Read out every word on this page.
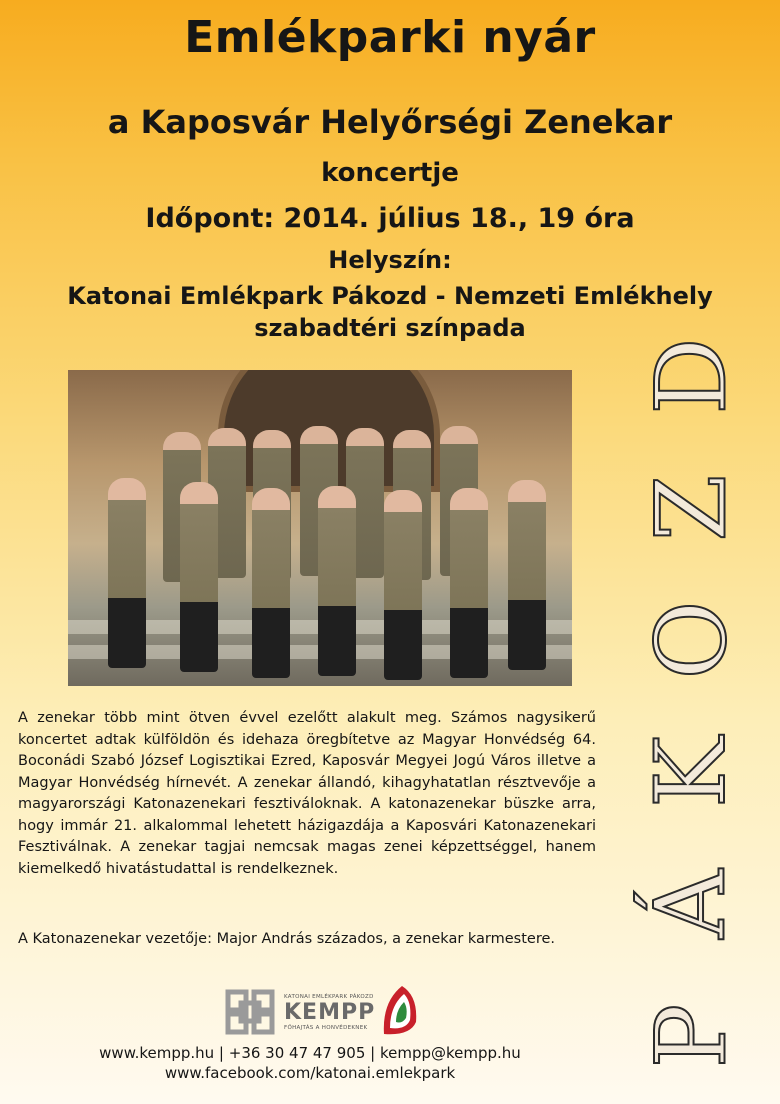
Emlékparki nyár
a Kaposvár Helyőrségi Zenekar
koncertje
Időpont: 2014. július 18., 19 óra
Helyszín:
Katonai Emlékpark Pákozd - Nemzeti Emlékhely
szabadtéri színpada
D
Z
O
K
Á
P

A zenekar több mint ötven évvel ezelőtt alakult meg. Számos nagysikerű koncertet adtak külföldön és idehaza öregbítetve az Magyar Honvédség 64. Boconádi Szabó József Logisztikai Ezred, Kaposvár Megyei Jogú Város illetve a Magyar Honvédség hírnevét. A zenekar állandó, kihagyhatatlan résztvevője a magyarországi Katonazenekari fesztiváloknak. A katonazenekar büszke arra, hogy immár 21. alkalommal lehetett házigazdája a Kaposvári Katonazenekari Fesztiválnak. A zenekar tagjai nemcsak magas zenei képzettséggel, hanem kiemelkedő hivatástudattal is rendelkeznek.

A Katonazenekar vezetője: Major András százados, a zenekar karmestere.

KATONAI EMLÉKPARK PÁKOZD
KEMPP
FŐHAJTÁS A HONVÉDEKNEK

www.kempp.hu | +36 30 47 47 905 | kempp@kempp.hu

www.facebook.com/katonai.emlekpark
